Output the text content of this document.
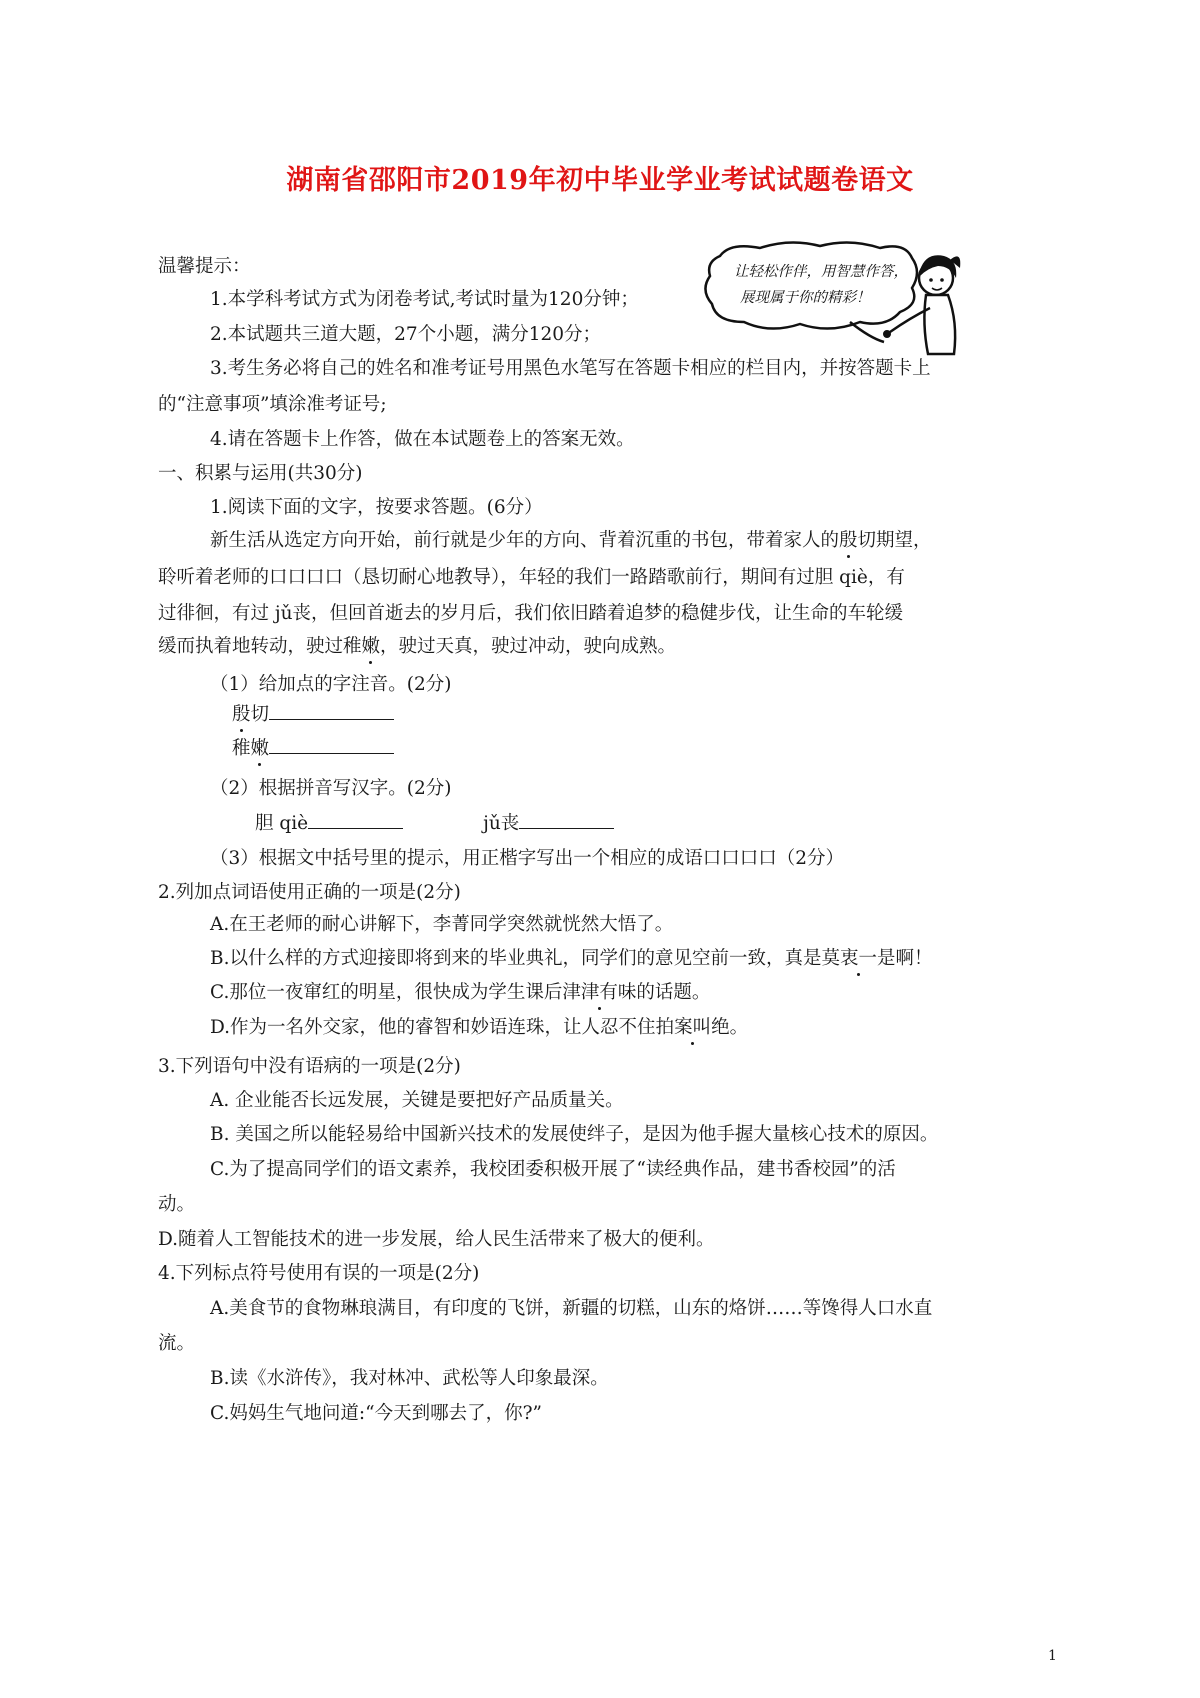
湖南省邵阳市2019年初中毕业学业考试试题卷语文
让轻松作伴，用智慧作答，
展现属于你的精彩！
温馨提示：
1.本学科考试方式为闭卷考试,考试时量为120分钟；
2.本试题共三道大题，27个小题，满分120分；
3.考生务必将自己的姓名和准考证号用黑色水笔写在答题卡相应的栏目内，并按答题卡上
的“注意事项”填涂准考证号;
4.请在答题卡上作答，做在本试题卷上的答案无效。
一、积累与运用(共30分)
1.阅读下面的文字，按要求答题。(6分）
新生活从选定方向开始，前行就是少年的方向、背着沉重的书包，带着家人的殷切期望，
聆听着老师的口口口口（恳切耐心地教导），年轻的我们一路踏歌前行，期间有过胆 qiè，有
过徘徊，有过 jǔ丧，但回首逝去的岁月后，我们依旧踏着追梦的稳健步伐，让生命的车轮缓
缓而执着地转动，驶过稚嫩，驶过天真，驶过冲动，驶向成熟。
（1）给加点的字注音。(2分)
殷切
稚嫩
（2）根据拼音写汉字。(2分)
胆 qiè	jǔ丧
（3）根据文中括号里的提示，用正楷字写出一个相应的成语口口口口（2分）
2.列加点词语使用正确的一项是(2分)
A.在王老师的耐心讲解下，李菁同学突然就恍然大悟了。
B.以什么样的方式迎接即将到来的毕业典礼，同学们的意见空前一致，真是莫衷一是啊！
C.那位一夜窜红的明星，很快成为学生课后津津有味的话题。
D.作为一名外交家，他的睿智和妙语连珠，让人忍不住拍案叫绝。
3.下列语句中没有语病的一项是(2分)
A. 企业能否长远发展，关键是要把好产品质量关。
B. 美国之所以能轻易给中国新兴技术的发展使绊子，是因为他手握大量核心技术的原因。
C.为了提高同学们的语文素养，我校团委积极开展了“读经典作品，建书香校园”的活
动。
D.随着人工智能技术的进一步发展，给人民生活带来了极大的便利。
4.下列标点符号使用有误的一项是(2分)
A.美食节的食物琳琅满目，有印度的飞饼，新疆的切糕，山东的烙饼……等馋得人口水直
流。
B.读《水浒传》，我对林冲、武松等人印象最深。
C.妈妈生气地问道:“今天到哪去了，你?”
1
